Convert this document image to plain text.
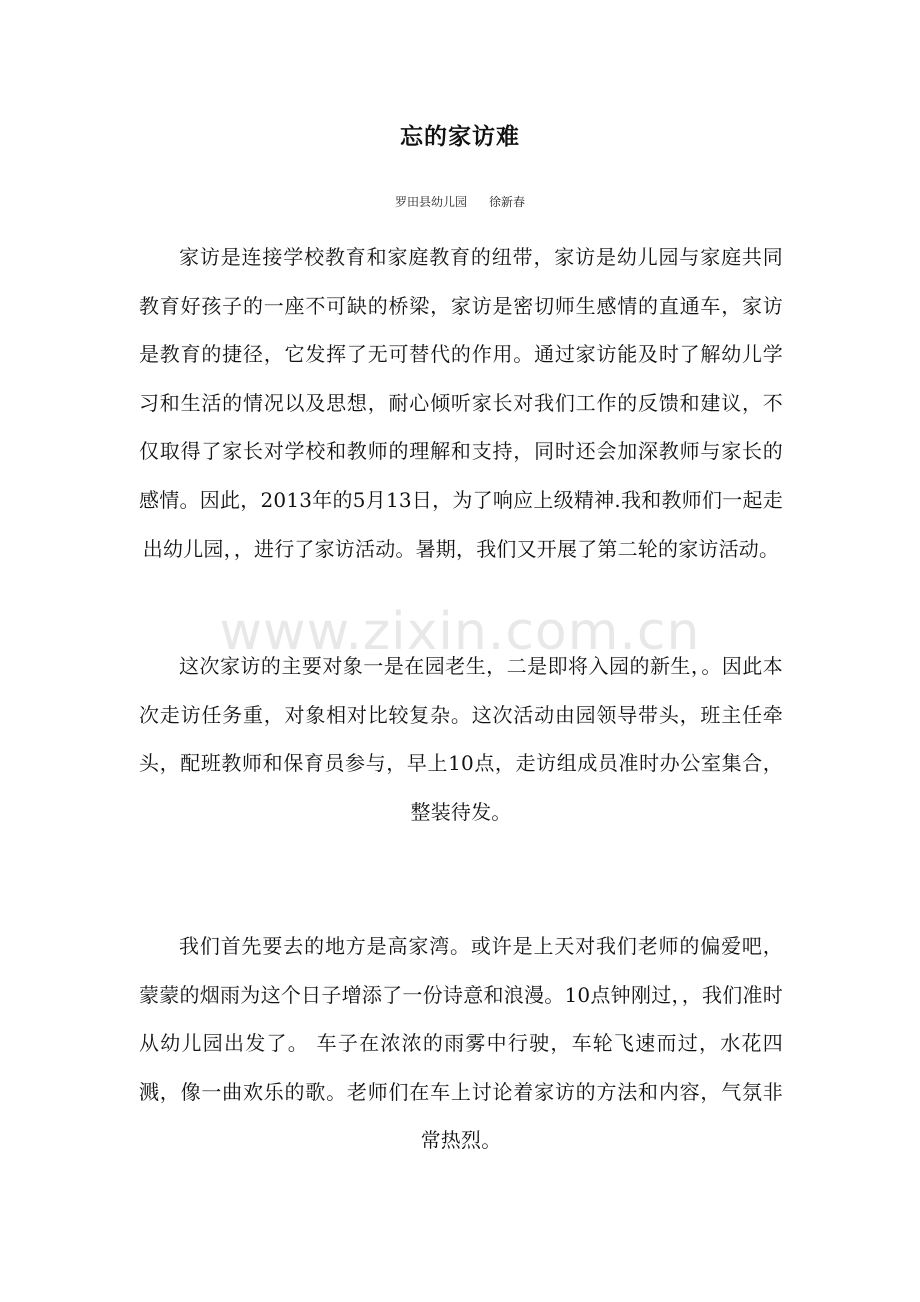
忘的家访难
罗田县幼儿园 徐新春

家访是连接学校教育和家庭教育的纽带，家访是幼儿园与家庭共同教育好孩子的一座不可缺的桥梁，家访是密切师生感情的直通车，家访是教育的捷径，它发挥了无可替代的作用。通过家访能及时了解幼儿学习和生活的情况以及思想，耐心倾听家长对我们工作的反馈和建议，不仅取得了家长对学校和教师的理解和支持，同时还会加深教师与家长的感情。因此，2013年的5月13日，为了响应上级精神.我和教师们一起走出幼儿园，，进行了家访活动。暑期，我们又开展了第二轮的家访活动。

这次家访的主要对象一是在园老生，二是即将入园的新生，。因此本次走访任务重，对象相对比较复杂。这次活动由园领导带头，班主任牵头，配班教师和保育员参与，早上10点，走访组成员准时办公室集合，整装待发。

我们首先要去的地方是高家湾。或许是上天对我们老师的偏爱吧，蒙蒙的烟雨为这个日子增添了一份诗意和浪漫。10点钟刚过，，我们准时从幼儿园出发了。 车子在浓浓的雨雾中行驶，车轮飞速而过，水花四溅，像一曲欢乐的歌。老师们在车上讨论着家访的方法和内容，气氛非常热烈。

www.zixin.com.cn
